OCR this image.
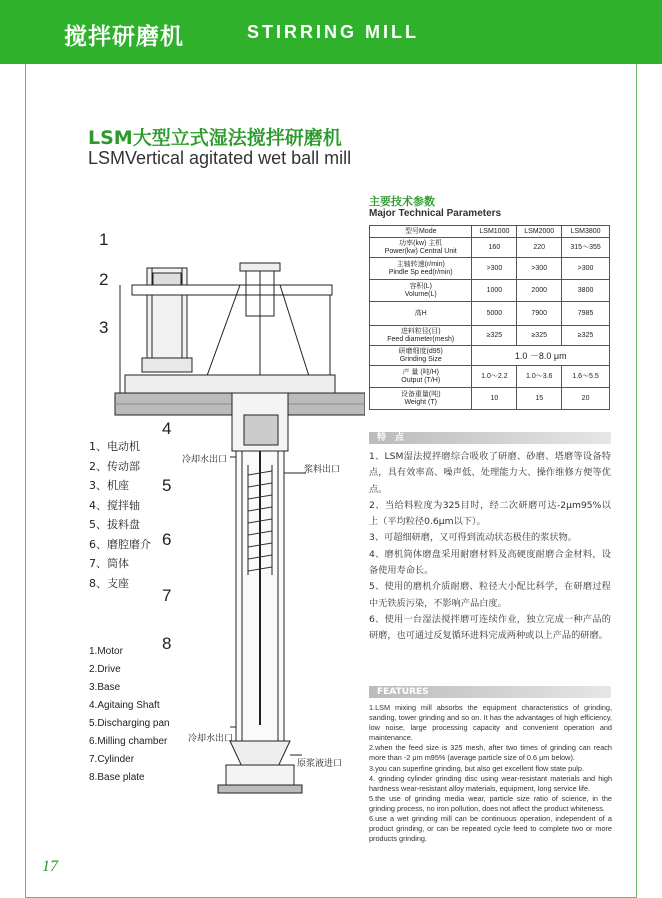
搅拌研磨机	STIRRING MILL
LSM大型立式湿法搅拌研磨机
LSMVertical agitated wet ball mill
1
2
3
4
5
6
7
8
冷却水出口
浆料出口
冷却水出口
原浆液进口
1、电动机
2、传动部
3、机座
4、搅拌轴
5、拔料盘
6、磨腔磨介
7、筒体
8、支座
1.Motor
2.Drive
3.Base
4.Agitaing Shaft
5.Discharging pan
6.Milling chamber
7.Cylinder
8.Base plate
主要技术参数
Major Technical Parameters
型号Mode	LSM1000	LSM2000	LSM3800
功率(kw) 主机
Power(kw) Central Unit	160	220	315～355
主轴转速(r/min)
Pindle Sp eed(r/min)	>300	>300	>300
容积(L)
Volume(L)	1000	2000	3800
高H	5000	7900	7985
进料粒径(目)
Feed diameter(mesh)	≥325	≥325	≥325
研磨细度(d95)
Grinding Size	1.0 －8.0 μm		
产 量 (吨/H)
Output (T/H)	1.0～2.2	1.0～3.6	1.6～5.5
设备重量(吨)
Weight (T)	10	15	20
特　点

1、LSM湿法搅拌磨综合吸收了研磨、砂磨、塔磨等设备特点，具有效率高、噪声低、处理能力大、操作维修方便等优点。

2、当给料粒度为325目时，经二次研磨可达-2μm95%以上（平均粒径0.6μm以下）。

3、可超细研磨，又可得到流动状态极佳的浆状物。

4、磨机筒体磨盘采用耐磨材料及高硬度耐磨合金材料，设备使用寿命长。

5、使用的磨机介质耐磨、粒径大小配比科学，在研磨过程中无铁质污染，不影响产品白度。

6、使用一台湿法搅拌磨可连续作业，独立完成一种产品的研磨，也可通过反复循环进料完成两种或以上产品的研磨。

FEATURES

1.LSM mixing mill absorbs the equipment characteristics of grinding, sanding, tower grinding and so on. It has the advantages of high efficiency, low noise, large processing capacity and convenient operation and maintenance.

2.when the feed size is 325 mesh, after two times of grinding can reach more than -2 μm m95% (average particle size of 0.6 μm below).

3.you can superfine grinding, but also get excellent flow state pulp.

4. grinding cylinder grinding disc using wear-resistant materials and high hardness wear-resistant alloy materials, equipment, long service life.

5.the use of grinding media wear, particle size ratio of science, in the grinding process, no iron pollution, does not affect the product whiteness.

6.use a wet grinding mill can be continuous operation, independent of a product grinding, or can be repeated cycle feed to complete two or more products grinding.

17
